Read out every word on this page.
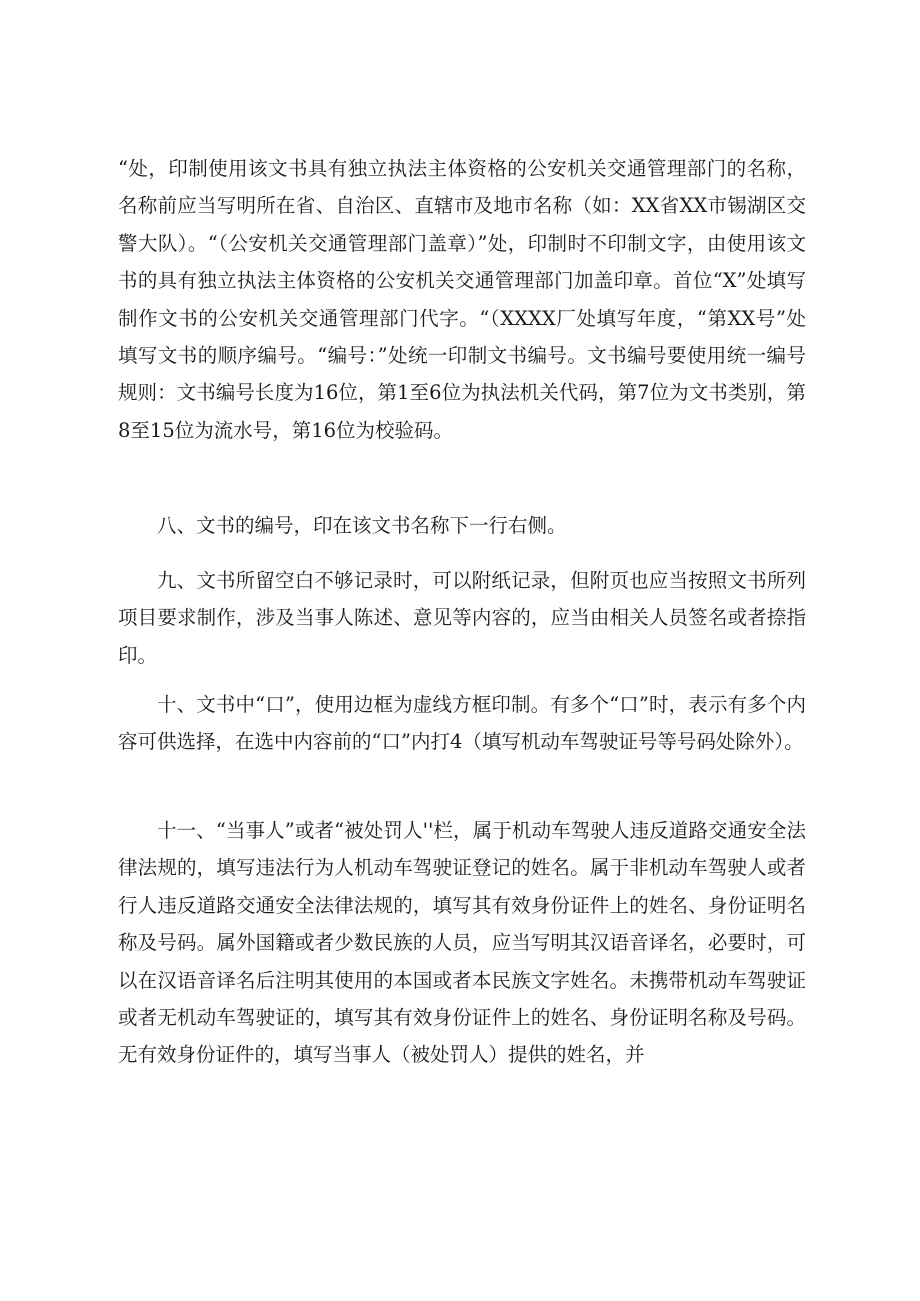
“处，印制使用该文书具有独立执法主体资格的公安机关交通管理部门的名称，名称前应当写明所在省、自治区、直辖市及地市名称（如：XX省XX市锡湖区交警大队）。“（公安机关交通管理部门盖章）”处，印制时不印制文字，由使用该文书的具有独立执法主体资格的公安机关交通管理部门加盖印章。首位“X”处填写制作文书的公安机关交通管理部门代字。“（XXXX厂处填写年度，“第XX号”处填写文书的顺序编号。“编号：”处统一印制文书编号。文书编号要使用统一编号规则：文书编号长度为16位，第1至6位为执法机关代码，第7位为文书类别，第8至15位为流水号，第16位为校验码。

八、文书的编号，印在该文书名称下一行右侧。

九、文书所留空白不够记录时，可以附纸记录，但附页也应当按照文书所列项目要求制作，涉及当事人陈述、意见等内容的，应当由相关人员签名或者捺指印。

十、文书中“口”，使用边框为虚线方框印制。有多个“口”时，表示有多个内容可供选择，在选中内容前的“口”内打4（填写机动车驾驶证号等号码处除外）。

十一、“当事人”或者“被处罚人''栏，属于机动车驾驶人违反道路交通安全法律法规的，填写违法行为人机动车驾驶证登记的姓名。属于非机动车驾驶人或者行人违反道路交通安全法律法规的，填写其有效身份证件上的姓名、身份证明名称及号码。属外国籍或者少数民族的人员，应当写明其汉语音译名，必要时，可以在汉语音译名后注明其使用的本国或者本民族文字姓名。未携带机动车驾驶证或者无机动车驾驶证的，填写其有效身份证件上的姓名、身份证明名称及号码。无有效身份证件的，填写当事人（被处罚人）提供的姓名，并
